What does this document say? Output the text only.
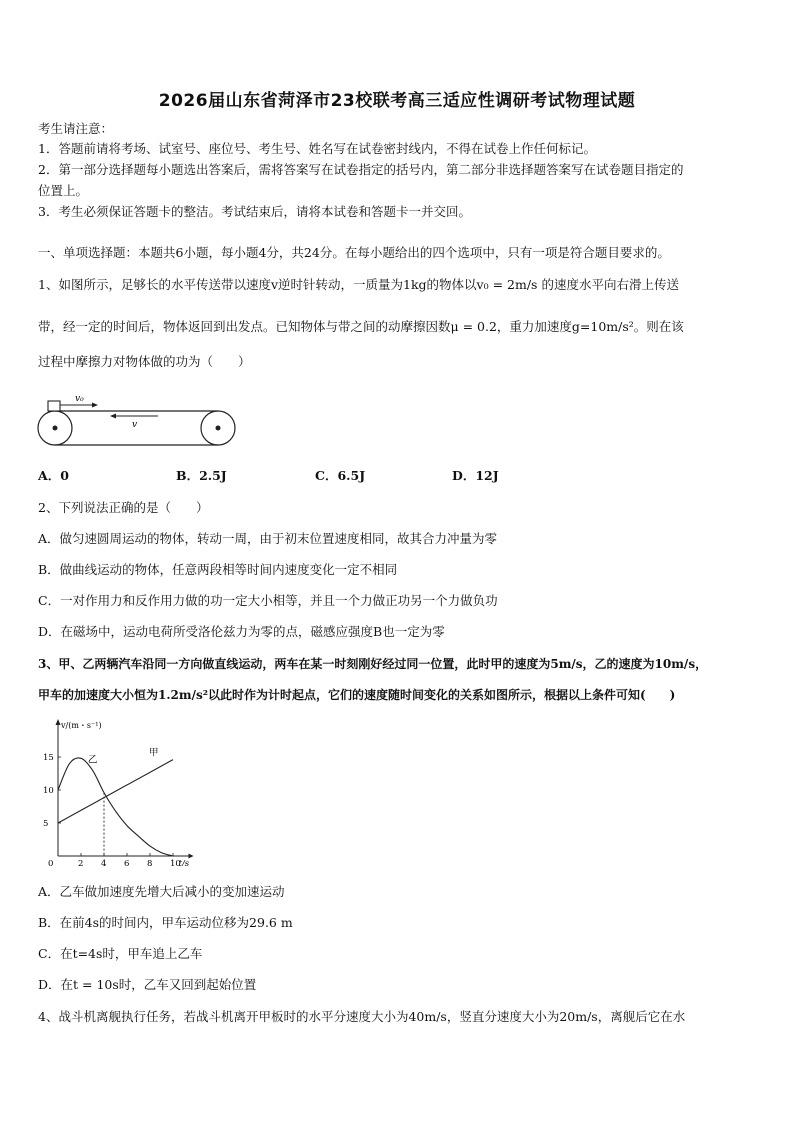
2026届山东省菏泽市23校联考高三适应性调研考试物理试题
考生请注意：
1．答题前请将考场、试室号、座位号、考生号、姓名写在试卷密封线内，不得在试卷上作任何标记。
2．第一部分选择题每小题选出答案后，需将答案写在试卷指定的括号内，第二部分非选择题答案写在试卷题目指定的
位置上。
3．考生必须保证答题卡的整洁。考试结束后，请将本试卷和答题卡一并交回。
一、单项选择题：本题共6小题，每小题4分，共24分。在每小题给出的四个选项中，只有一项是符合题目要求的。
1、如图所示，足够长的水平传送带以速度v逆时针转动，一质量为1kg的物体以v₀ = 2m/s 的速度水平向右滑上传送
带，经一定的时间后，物体返回到出发点。已知物体与带之间的动摩擦因数μ = 0.2，重力加速度g=10m/s²。则在该
过程中摩擦力对物体做的功为（　　）
v₀
v
A．0	B．2.5J	C．6.5J	D．12J
2、下列说法正确的是（　　）
A．做匀速圆周运动的物体，转动一周，由于初末位置速度相同，故其合力冲量为零
B．做曲线运动的物体，任意两段相等时间内速度变化一定不相同
C．一对作用力和反作用力做的功一定大小相等，并且一个力做正功另一个力做负功
D．在磁场中，运动电荷所受洛伦兹力为零的点，磁感应强度B也一定为零
3、甲、乙两辆汽车沿同一方向做直线运动，两车在某一时刻刚好经过同一位置，此时甲的速度为5m/s，乙的速度为10m/s，
甲车的加速度大小恒为1.2m/s²以此时作为计时起点，它们的速度随时间变化的关系如图所示，根据以上条件可知(　　)
0	2 4 6 8 10
5
10
15
t/s
v/(m・s⁻¹)
甲
乙
A．乙车做加速度先增大后减小的变加速运动
B．在前4s的时间内，甲车运动位移为29.6 m
C．在t=4s时，甲车追上乙车
D．在t = 10s时，乙车又回到起始位置
4、战斗机离舰执行任务，若战斗机离开甲板时的水平分速度大小为40m/s，竖直分速度大小为20m/s，离舰后它在水
